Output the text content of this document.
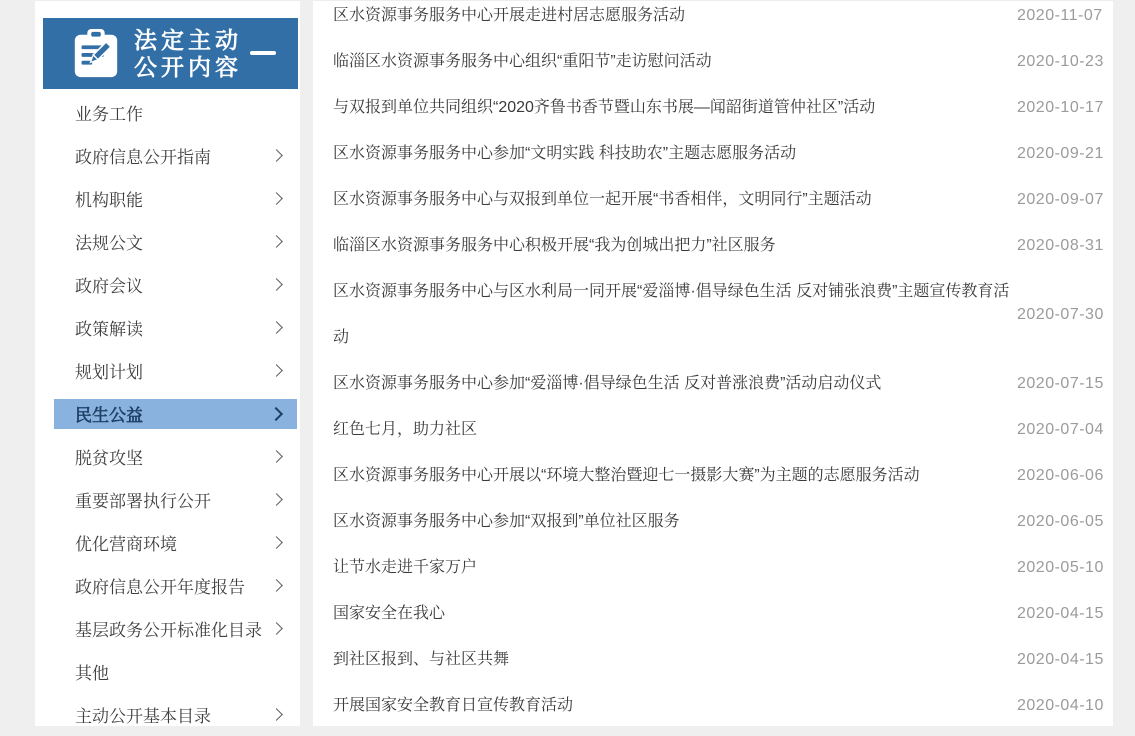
法定主动
公开内容
业务工作
政府信息公开指南
机构职能
法规公文
政府会议
政策解读
规划计划
民生公益
脱贫攻坚
重要部署执行公开
优化营商环境
政府信息公开年度报告
基层政务公开标准化目录
其他
主动公开基本目录
区水资源事务服务中心开展走进村居志愿服务活动	2020-11-07
临淄区水资源事务服务中心组织“重阳节”走访慰问活动	2020-10-23
与双报到单位共同组织“2020齐鲁书香节暨山东书展—闻韶街道管仲社区”活动	2020-10-17
区水资源事务服务中心参加“文明实践 科技助农”主题志愿服务活动	2020-09-21
区水资源事务服务中心与双报到单位一起开展“书香相伴，文明同行”主题活动	2020-09-07
临淄区水资源事务服务中心积极开展“我为创城出把力”社区服务	2020-08-31
区水资源事务服务中心与区水利局一同开展“爱淄博·倡导绿色生活 反对铺张浪费”主题宣传教育活动
2020-07-30
区水资源事务服务中心参加“爱淄博·倡导绿色生活 反对普涨浪费”活动启动仪式	2020-07-15
红色七月，助力社区	2020-07-04
区水资源事务服务中心开展以“环境大整治暨迎七一摄影大赛”为主题的志愿服务活动	2020-06-06
区水资源事务服务中心参加“双报到”单位社区服务	2020-06-05
让节水走进千家万户	2020-05-10
国家安全在我心	2020-04-15
到社区报到、与社区共舞	2020-04-15
开展国家安全教育日宣传教育活动	2020-04-10
